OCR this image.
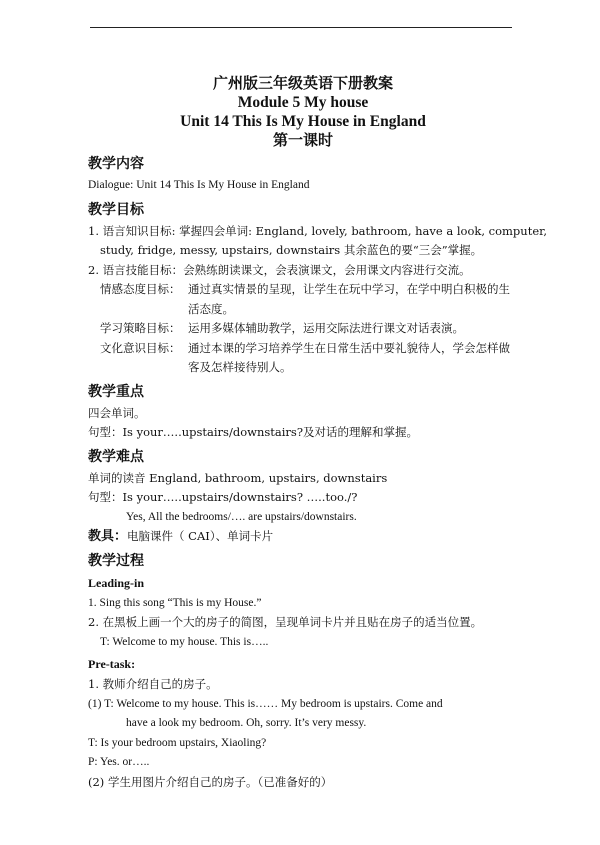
广州版三年级英语下册教案

Module 5 My house

Unit 14 This Is My House in England

第一课时

教学内容

Dialogue: Unit 14 This Is My House in England

教学目标

1. 语言知识目标: 掌握四会单词: England, lovely, bathroom, have a look, computer,

study, fridge, messy, upstairs, downstairs 其余蓝色的要“三会”掌握。

2. 语言技能目标：会熟练朗读课文，会表演课文，会用课文内容进行交流。

情感态度目标： 通过真实情景的呈现，让学生在玩中学习，在学中明白积极的生活态度。
学习策略目标： 运用多媒体辅助教学，运用交际法进行课文对话表演。
文化意识目标： 通过本课的学习培养学生在日常生活中要礼貌待人，学会怎样做客及怎样接待别人。
教学重点

四会单词。

句型：Is your…..upstairs/downstairs?及对话的理解和掌握。

教学难点

单词的读音 England, bathroom, upstairs, downstairs

句型：Is your…..upstairs/downstairs? …..too./?

Yes, All the bedrooms/…. are upstairs/downstairs.

教具：电脑课件（ CAI）、单词卡片

教学过程
Leading-in

1. Sing this song “This is my House.”

2. 在黑板上画一个大的房子的简图，呈现单词卡片并且贴在房子的适当位置。

T: Welcome to my house. This is…..

Pre-task:

1. 教师介绍自己的房子。

(1) T: Welcome to my house. This is…… My bedroom is upstairs. Come and

have a look my bedroom. Oh, sorry. It’s very messy.

T: Is your bedroom upstairs, Xiaoling?

P: Yes. or…..

(2) 学生用图片介绍自己的房子。（已准备好的）
